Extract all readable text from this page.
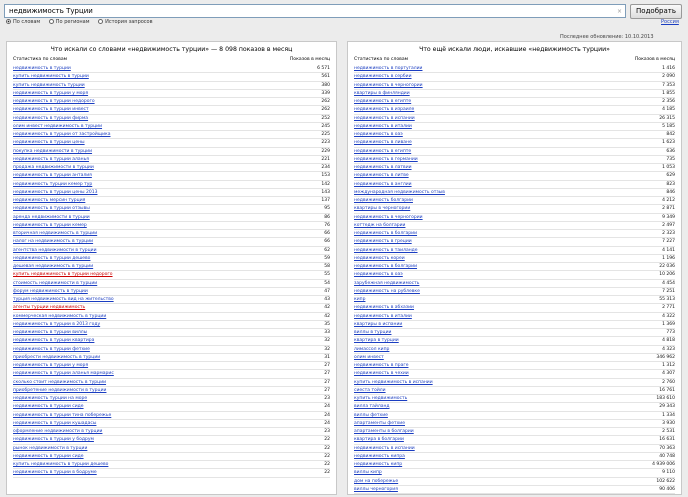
недвижимость Турции	×	Подобрать
По словам	По регионам	История запросов	Россия
Последнее обновление: 10.10.2013
Что искали со словами «недвижимость турции» — 8 098 показов в месяц
Статистика по словам	Показов в месяц
недвижимость в турции	6 571
купить недвижимость в турции	561
купить недвижимость турции	380
недвижимость в турции у моря	339
недвижимость в турции недорого	262
недвижимость в турции инвест	262
недвижимость в турции фирма	252
олим инвест недвижимость в турции	245
недвижимость в турции от застройщика	225
недвижимость в турции цены	223
покупка недвижимости в турции	229
недвижимость в турции аланья	221
продажа недвижимости в турции	234
недвижимость в турции анталия	153
недвижимость турции кемер тур	142
недвижимость в турции цены 2013	143
недвижимость мерсин турция	137
недвижимость в турции отзывы	95
аренда недвижимости в турции	86
недвижимость в турции кемер	76
вторичная недвижимость в турции	66
налог на недвижимость в турции	66
агентства недвижимости в турции	62
недвижимость в турции дешево	59
дешевая недвижимость в турции	58
купить недвижимость в турции недорого	55
стоимость недвижимости в турции	54
форум недвижимость в турции	47
турция недвижимость вид на жительство	43
агенты турции недвижимость	42
коммерческая недвижимость в турции	42
недвижимость в турции в 2013 году	35
недвижимость в турции виллы	33
недвижимость в турции квартира	32
недвижимость в турции фетхие	32
приобрести недвижимость в турции	31
недвижимость в турции у моря	27
недвижимость в турции аланья мармарис	27
сколько стоит недвижимость в турции	27
приобретение недвижимости в турции	27
недвижимость турции на море	23
недвижимость в турции сиде	24
недвижимость в турции тина побережье	24
недвижимость в турции кушадасы	24
оформление недвижимости в турции	23
недвижимость в турции у бодрум	22
рынок недвижимости в турции	22
недвижимость в турции сиде	22
купить недвижимость в турции дешево	22
недвижимость в турции в бодруме	22
Что ещё искали люди, искавшие «недвижимость турции»
Статистика по словам	Показов в месяц
недвижимость в португалии	1 416
недвижимость в сербии	2 090
недвижимость в черногории	7 353
квартиры в финляндии	1 855
недвижимость в египте	2 356
недвижимость в израиле	4 185
недвижимость в испании	26 315
недвижимость в италии	5 185
недвижимость в оаэ	842
недвижимость в ливане	1 623
недвижимость в египте	636
недвижимость в германии	735
недвижимость в латвии	1 053
недвижимость в литве	629
недвижимость в англии	823
международная недвижимость отзыв	846
недвижимость болгарии	4 212
квартиры в черногории	2 871
недвижимость в черногории	9 349
коттедж на болгарии	2 497
недвижимость в болгарии	2 323
недвижимость в греции	7 227
недвижимость в таиланде	4 141
недвижимость кореи	1 196
недвижимость в болгарии	22 036
недвижимость в оаэ	10 206
зарубежная недвижимость	4 454
недвижимость на рублевке	7 251
кипр	55 313
недвижимость в абхазии	2 771
недвижимость в италии	4 322
квартиры в испании	1 369
виллы в турции	773
квартира в турции	4 818
лимассол кипр	4 323
олим инвест	346 962
недвижимость в праге	1 312
недвижимость в чехии	4 307
купить недвижимость в испании	2 760
сиеста тойли	16 761
купить недвижимость	183 610
вилла тайланд	29 343
виллы фетхие	1 334
апартаменты фетхие	3 930
апартаменты в болгарии	2 531
квартира в болгарии	16 631
недвижимость в испании	70 363
недвижимость кипра	40 748
недвижимость кипр	4 939 006
виллы кипр	9 110
дом на побережье	102 622
виллы черногория	90 406
